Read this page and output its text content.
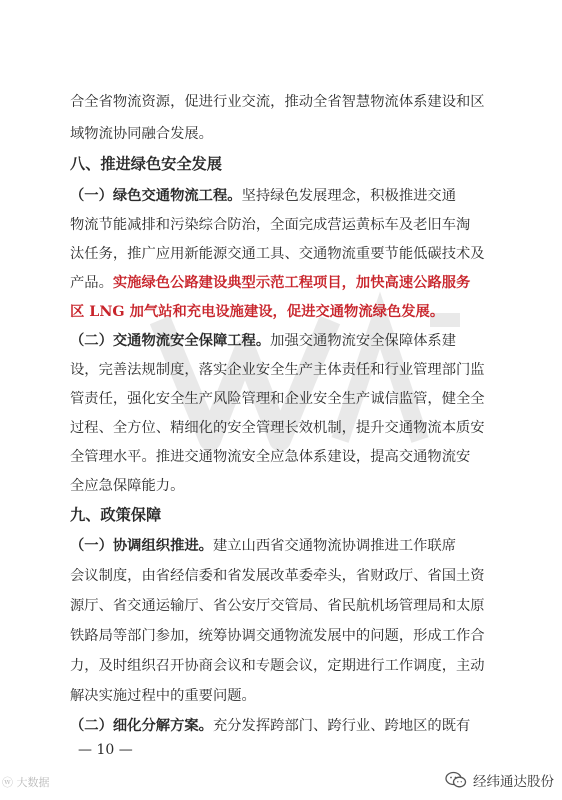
合全省物流资源，促进行业交流，推动全省智慧物流体系建设和区
域物流协同融合发展。
八、推进绿色安全发展
（一）绿色交通物流工程。坚持绿色发展理念，积极推进交通
物流节能减排和污染综合防治，全面完成营运黄标车及老旧车淘
汰任务，推广应用新能源交通工具、交通物流重要节能低碳技术及
产品。实施绿色公路建设典型示范工程项目，加快高速公路服务
区 LNG 加气站和充电设施建设，促进交通物流绿色发展。
（二）交通物流安全保障工程。加强交通物流安全保障体系建
设，完善法规制度，落实企业安全生产主体责任和行业管理部门监
管责任，强化安全生产风险管理和企业安全生产诚信监管，健全全
过程、全方位、精细化的安全管理长效机制，提升交通物流本质安
全管理水平。推进交通物流安全应急体系建设，提高交通物流安
全应急保障能力。
九、政策保障
（一）协调组织推进。建立山西省交通物流协调推进工作联席
会议制度，由省经信委和省发展改革委牵头，省财政厅、省国土资
源厅、省交通运输厅、省公安厅交管局、省民航机场管理局和太原
铁路局等部门参加，统筹协调交通物流发展中的问题，形成工作合
力，及时组织召开协商会议和专题会议，定期进行工作调度，主动
解决实施过程中的重要问题。
（二）细化分解方案。充分发挥跨部门、跨行业、跨地区的既有
— 10 —
ⓦ 大数据	经纬通达股份
